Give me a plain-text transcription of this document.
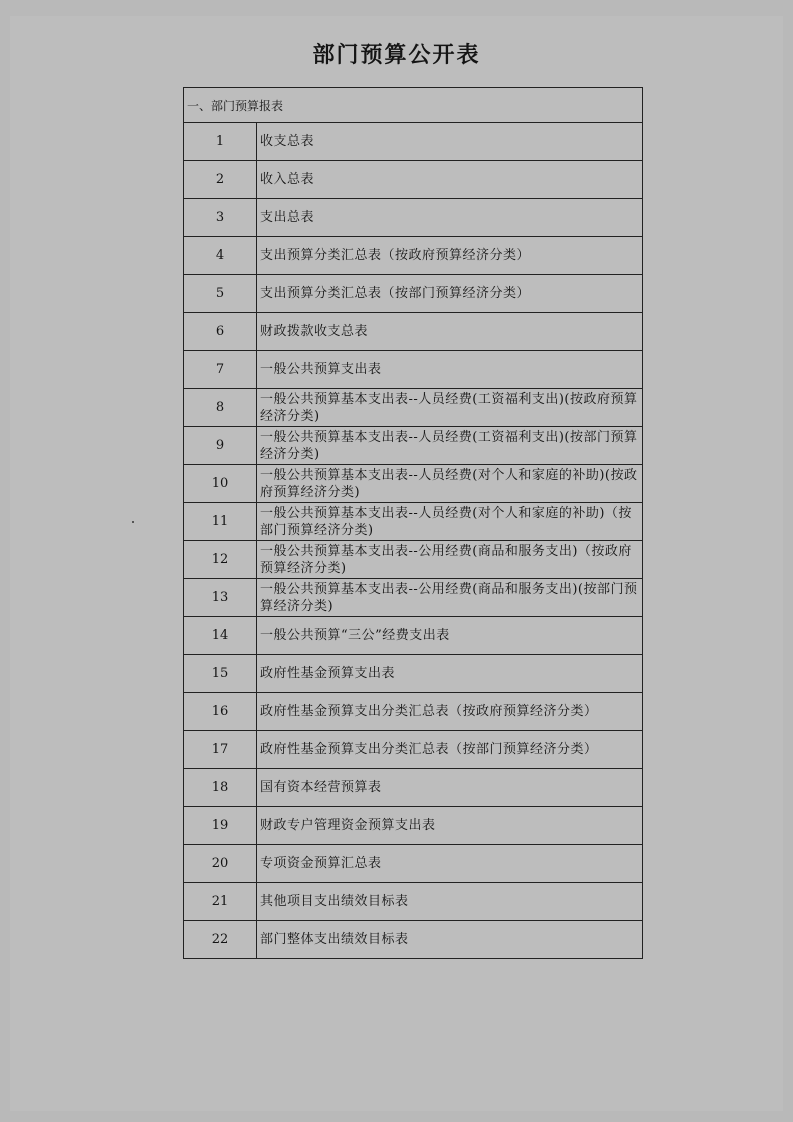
部门预算公开表
一、部门预算报表	
1	收支总表
2	收入总表
3	支出总表
4	支出预算分类汇总表（按政府预算经济分类）
5	支出预算分类汇总表（按部门预算经济分类）
6	财政拨款收支总表
7	一般公共预算支出表
8	一般公共预算基本支出表--人员经费(工资福利支出)(按政府预算经济分类)
9	一般公共预算基本支出表--人员经费(工资福利支出)(按部门预算经济分类)
10	一般公共预算基本支出表--人员经费(对个人和家庭的补助)(按政府预算经济分类)
11	一般公共预算基本支出表--人员经费(对个人和家庭的补助)（按部门预算经济分类)
12	一般公共预算基本支出表--公用经费(商品和服务支出)（按政府预算经济分类)
13	一般公共预算基本支出表--公用经费(商品和服务支出)(按部门预算经济分类)
14	一般公共预算“三公”经费支出表
15	政府性基金预算支出表
16	政府性基金预算支出分类汇总表（按政府预算经济分类）
17	政府性基金预算支出分类汇总表（按部门预算经济分类）
18	国有资本经营预算表
19	财政专户管理资金预算支出表
20	专项资金预算汇总表
21	其他项目支出绩效目标表
22	部门整体支出绩效目标表
